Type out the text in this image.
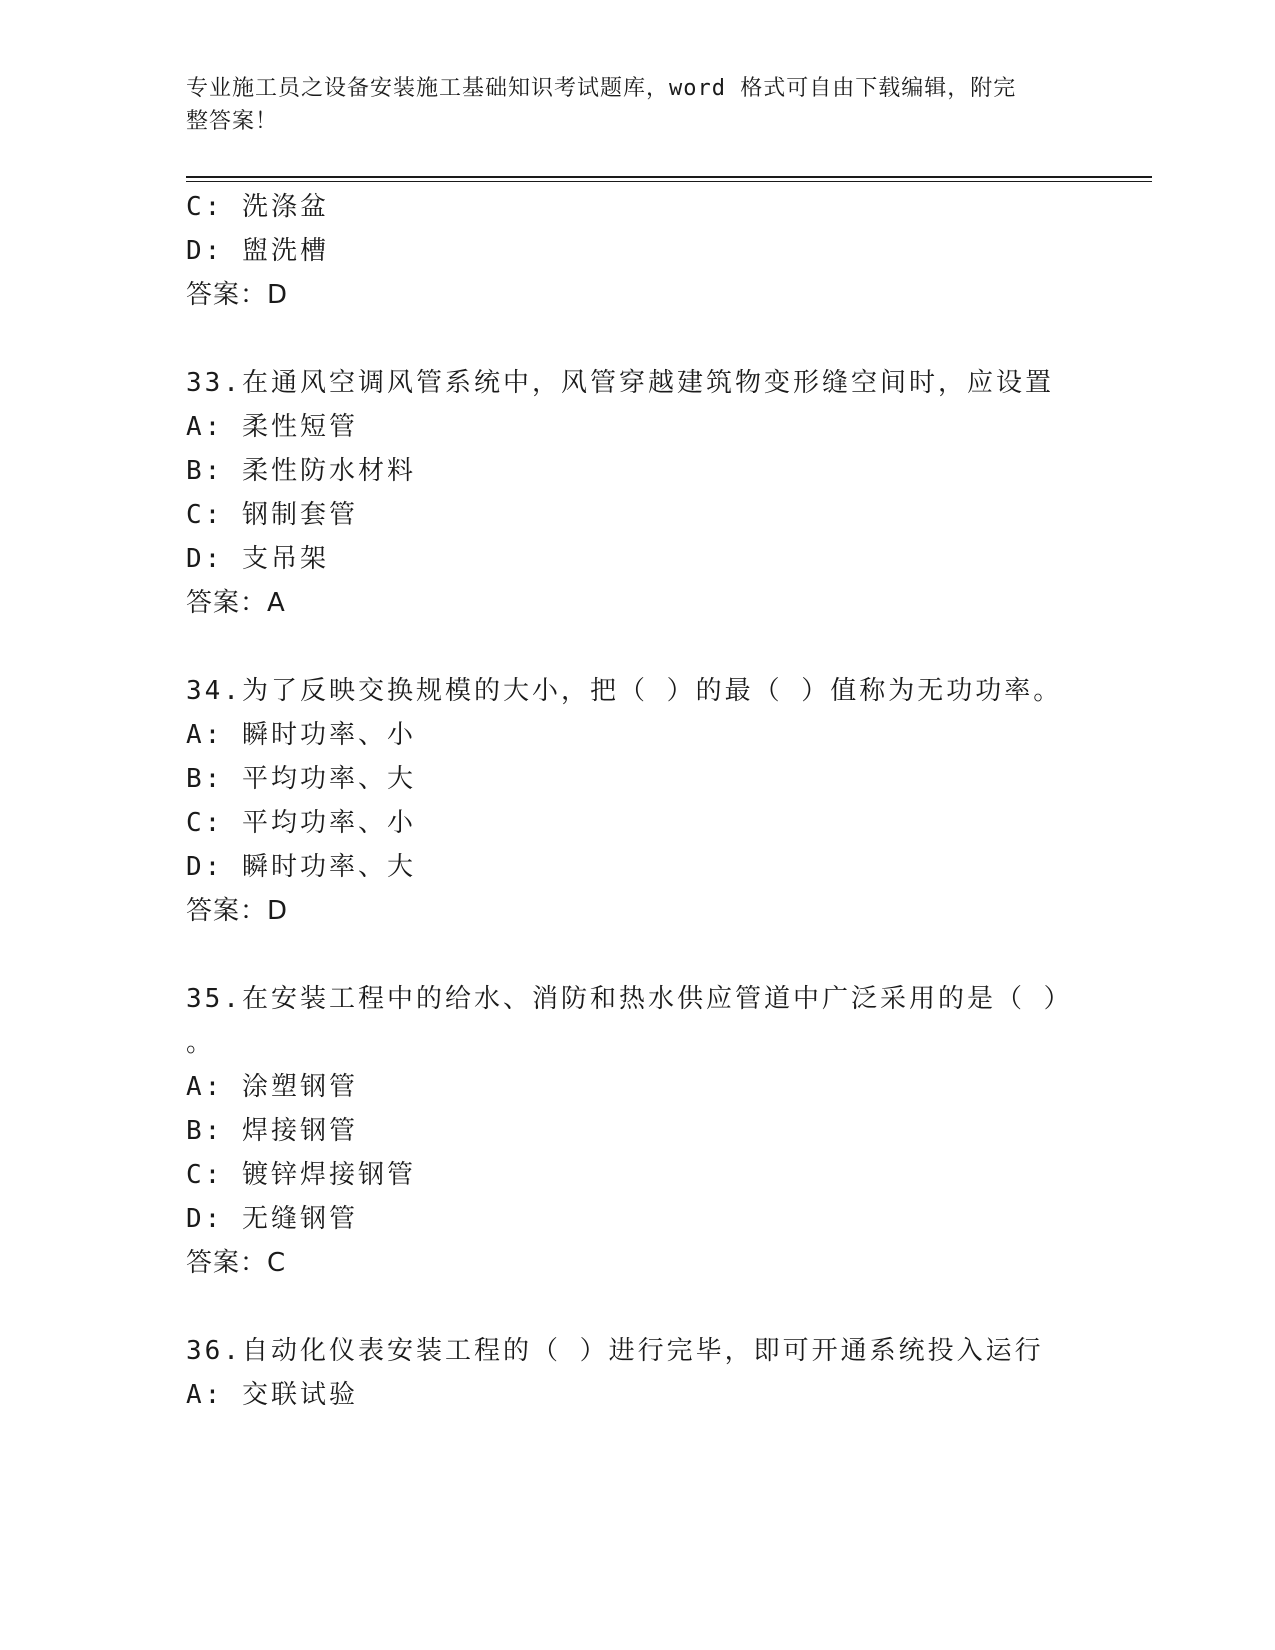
专业施工员之设备安装施工基础知识考试题库，word 格式可自由下载编辑，附完
整答案！
C: 洗涤盆
D: 盥洗槽
答案：D
33.在通风空调风管系统中，风管穿越建筑物变形缝空间时，应设置
A: 柔性短管
B: 柔性防水材料
C: 钢制套管
D: 支吊架
答案：A
34.为了反映交换规模的大小，把（ ）的最（ ）值称为无功功率。
A: 瞬时功率、小
B: 平均功率、大
C: 平均功率、小
D: 瞬时功率、大
答案：D
35.在安装工程中的给水、消防和热水供应管道中广泛采用的是（ ）
。
A: 涂塑钢管
B: 焊接钢管
C: 镀锌焊接钢管
D: 无缝钢管
答案：C
36.自动化仪表安装工程的（ ）进行完毕，即可开通系统投入运行
A: 交联试验
